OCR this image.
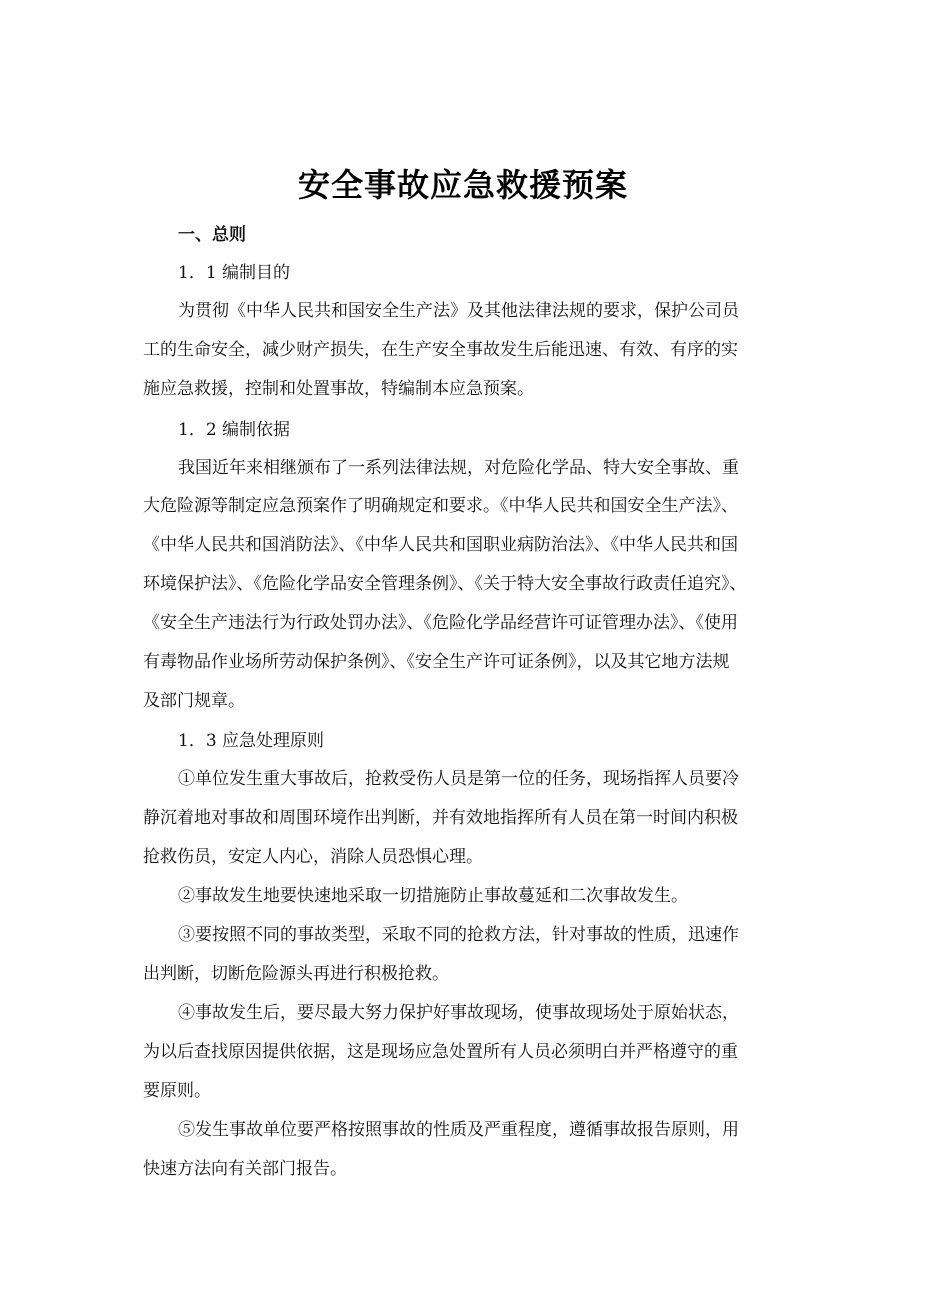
安全事故应急救援预案
一、总则
1．1 编制目的
为贯彻《中华人民共和国安全生产法》及其他法律法规的要求，保护公司员
工的生命安全，减少财产损失，在生产安全事故发生后能迅速、有效、有序的实
施应急救援，控制和处置事故，特编制本应急预案。
1．2 编制依据
我国近年来相继颁布了一系列法律法规，对危险化学品、特大安全事故、重
大危险源等制定应急预案作了明确规定和要求。《中华人民共和国安全生产法》、
《中华人民共和国消防法》、《中华人民共和国职业病防治法》、《中华人民共和国
环境保护法》、《危险化学品安全管理条例》、《关于特大安全事故行政责任追究》、
《安全生产违法行为行政处罚办法》、《危险化学品经营许可证管理办法》、《使用
有毒物品作业场所劳动保护条例》、《安全生产许可证条例》，以及其它地方法规
及部门规章。
1．3 应急处理原则
①单位发生重大事故后，抢救受伤人员是第一位的任务，现场指挥人员要冷
静沉着地对事故和周围环境作出判断，并有效地指挥所有人员在第一时间内积极
抢救伤员，安定人内心，消除人员恐惧心理。
②事故发生地要快速地采取一切措施防止事故蔓延和二次事故发生。
③要按照不同的事故类型，采取不同的抢救方法，针对事故的性质，迅速作
出判断，切断危险源头再进行积极抢救。
④事故发生后，要尽最大努力保护好事故现场，使事故现场处于原始状态，
为以后查找原因提供依据，这是现场应急处置所有人员必须明白并严格遵守的重
要原则。
⑤发生事故单位要严格按照事故的性质及严重程度，遵循事故报告原则，用
快速方法向有关部门报告。
